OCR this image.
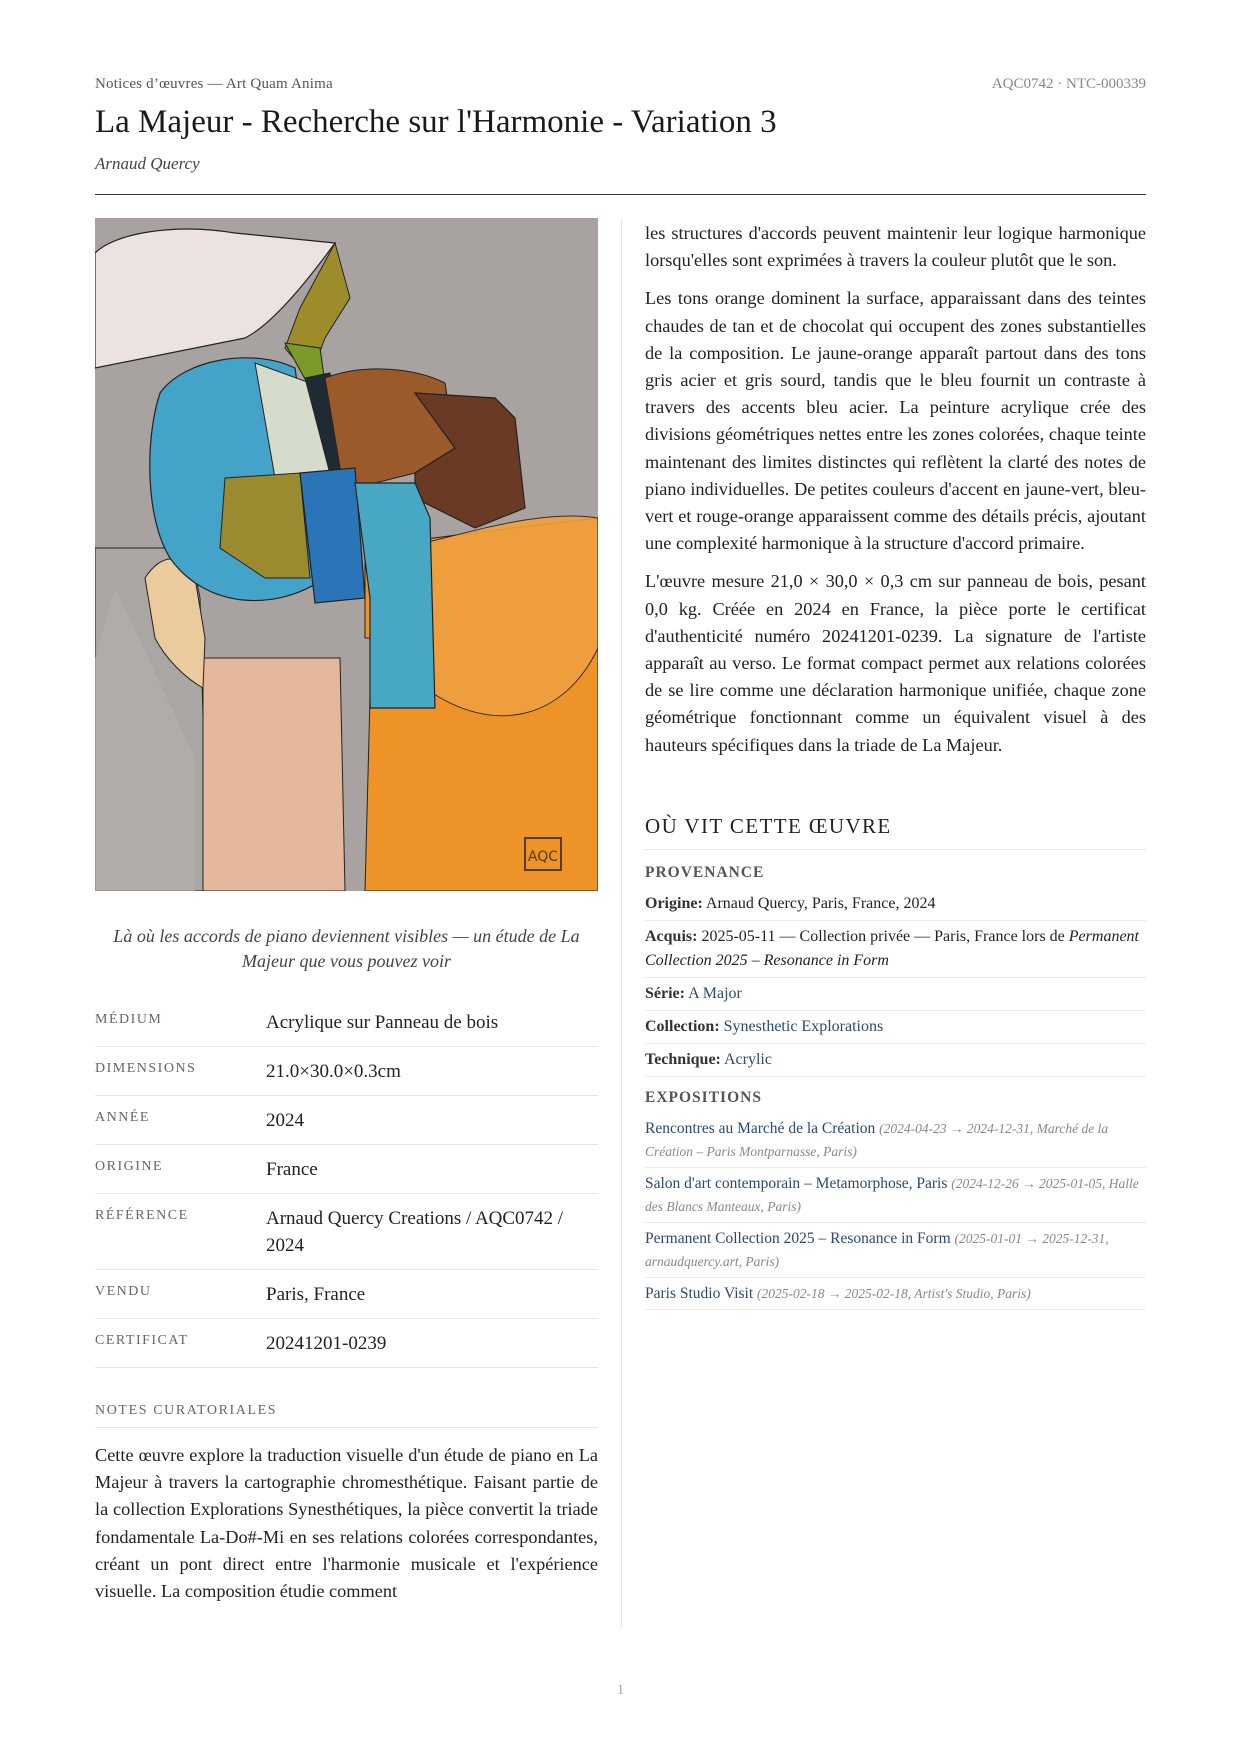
Notices d’œuvres — Art Quam Anima	AQC0742 · NTC-000339
La Majeur - Recherche sur l'Harmonie - Variation 3
Arnaud Quercy
AQC
Là où les accords de piano deviennent visibles — un étude de La Majeur que vous pouvez voir
MÉDIUM	Acrylique sur Panneau de bois
DIMENSIONS	21.0×30.0×0.3cm
ANNÉE	2024
ORIGINE	France
RÉFÉRENCE	Arnaud Quercy Creations / AQC0742 / 2024
VENDU	Paris, France
CERTIFICAT	20241201-0239
NOTES CURATORIALES

Cette œuvre explore la traduction visuelle d'un étude de piano en La Majeur à travers la cartographie chromesthétique. Faisant partie de la collection Explorations Synesthétiques, la pièce convertit la triade fondamentale La-Do#-Mi en ses relations colorées correspondantes, créant un pont direct entre l'harmonie musicale et l'expérience visuelle. La composition étudie comment

les structures d'accords peuvent maintenir leur logique harmonique lorsqu'elles sont exprimées à travers la couleur plutôt que le son.

Les tons orange dominent la surface, apparaissant dans des teintes chaudes de tan et de chocolat qui occupent des zones substantielles de la composition. Le jaune-orange apparaît partout dans des tons gris acier et gris sourd, tandis que le bleu fournit un contraste à travers des accents bleu acier. La peinture acrylique crée des divisions géométriques nettes entre les zones colorées, chaque teinte maintenant des limites distinctes qui reflètent la clarté des notes de piano individuelles. De petites couleurs d'accent en jaune-vert, bleu-vert et rouge-orange apparaissent comme des détails précis, ajoutant une complexité harmonique à la structure d'accord primaire.

L'œuvre mesure 21,0 × 30,0 × 0,3 cm sur panneau de bois, pesant 0,0 kg. Créée en 2024 en France, la pièce porte le certificat d'authenticité numéro 20241201-0239. La signature de l'artiste apparaît au verso. Le format compact permet aux relations colorées de se lire comme une déclaration harmonique unifiée, chaque zone géométrique fonctionnant comme un équivalent visuel à des hauteurs spécifiques dans la triade de La Majeur.

OÙ VIT CETTE ŒUVRE
PROVENANCE
Origine: Arnaud Quercy, Paris, France, 2024
Acquis: 2025-05-11 — Collection privée — Paris, France lors de Permanent Collection 2025 – Resonance in Form
Série: A Major
Collection: Synesthetic Explorations
Technique: Acrylic
EXPOSITIONS
Rencontres au Marché de la Création (2024-04-23 → 2024-12-31, Marché de la Création – Paris Montparnasse, Paris)
Salon d'art contemporain – Metamorphose, Paris (2024-12-26 → 2025-01-05, Halle des Blancs Manteaux, Paris)
Permanent Collection 2025 – Resonance in Form (2025-01-01 → 2025-12-31, arnaudquercy.art, Paris)
Paris Studio Visit (2025-02-18 → 2025-02-18, Artist's Studio, Paris)
1
